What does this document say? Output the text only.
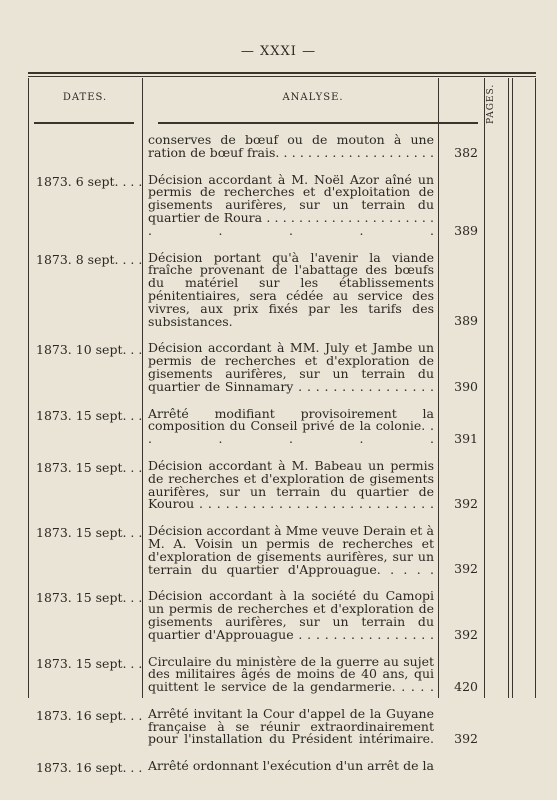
— XXXI —
DATES.	ANALYSE.	PAGES.
conserves de bœuf ou de mouton à une ration de bœuf frais. . . . . . . . . . . . . . . . . . . .	382
1873. 6 sept. . . . Décision accordant à M. Noël Azor aîné un permis de recherches et d'exploitation de gisements aurifères, sur un terrain du quartier de Roura . . . . . . . . . . . . . . . . . . . . . . . . . .	389
1873. 8 sept. . . . Décision portant qu'à l'avenir la viande fraîche provenant de l'abattage des bœufs du matériel sur les établissements pénitentiaires, sera cédée au service des vivres, aux prix fixés par les tarifs des subsistances.	389
1873. 10 sept. . . Décision accordant à MM. July et Jambe un permis de recherches et d'exploration de gisements aurifères, sur un terrain du quartier de Sinnamary . . . . . . . . . . . . . . . .	390
1873. 15 sept. . . Arrêté modifiant provisoirement la composition du Conseil privé de la colonie. . . . . . .	391
1873. 15 sept. . . Décision accordant à M. Babeau un permis de recherches et d'exploration de gisements aurifères, sur un terrain du quartier de Kourou . . . . . . . . . . . . . . . . . . . . . . . . . . .	392
1873. 15 sept. . . Décision accordant à Mme veuve Derain et à M. A. Voisin un permis de recherches et d'exploration de gisements aurifères, sur un terrain du quartier d'Approuague. . . . .	392
1873. 15 sept. . . Décision accordant à la société du Camopi un permis de recherches et d'exploration de gisements aurifères, sur un terrain du quartier d'Approuague . . . . . . . . . . . . . . . .	392
1873. 15 sept. . . Circulaire du ministère de la guerre au sujet des militaires âgés de moins de 40 ans, qui quittent le service de la gendarmerie. . . . .	420
1873. 16 sept. . . Arrêté invitant la Cour d'appel de la Guyane française à se réunir extraordinairement pour l'installation du Président intérimaire.	392
1873. 16 sept. . . Arrêté ordonnant l'exécution d'un arrêt de la
